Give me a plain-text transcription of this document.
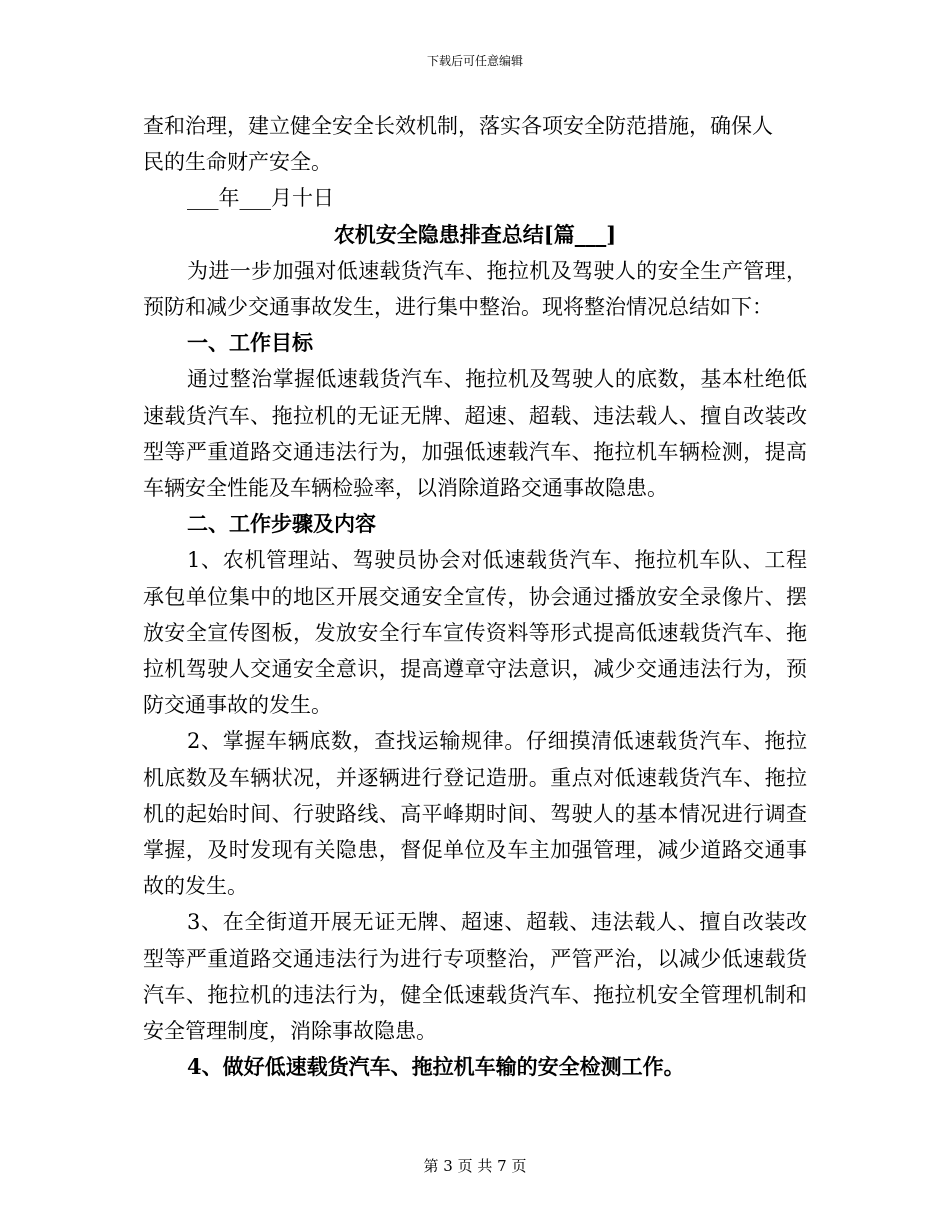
下载后可任意编辑

查和治理，建立健全安全长效机制，落实各项安全防范措施，确保人

民的生命财产安全。

___年___月十日

农机安全隐患排查总结[篇___]

为进一步加强对低速载货汽车、拖拉机及驾驶人的安全生产管理，预防和减少交通事故发生，进行集中整治。现将整治情况总结如下：

一、工作目标

通过整治掌握低速载货汽车、拖拉机及驾驶人的底数，基本杜绝低速载货汽车、拖拉机的无证无牌、超速、超载、违法载人、擅自改装改型等严重道路交通违法行为，加强低速载汽车、拖拉机车辆检测，提高车辆安全性能及车辆检验率，以消除道路交通事故隐患。

二、工作步骤及内容

1、农机管理站、驾驶员协会对低速载货汽车、拖拉机车队、工程承包单位集中的地区开展交通安全宣传，协会通过播放安全录像片、摆放安全宣传图板，发放安全行车宣传资料等形式提高低速载货汽车、拖拉机驾驶人交通安全意识，提高遵章守法意识，减少交通违法行为，预防交通事故的发生。

2、掌握车辆底数，查找运输规律。仔细摸清低速载货汽车、拖拉机底数及车辆状况，并逐辆进行登记造册。重点对低速载货汽车、拖拉机的起始时间、行驶路线、高平峰期时间、驾驶人的基本情况进行调查掌握，及时发现有关隐患，督促单位及车主加强管理，减少道路交通事故的发生。

3、在全街道开展无证无牌、超速、超载、违法载人、擅自改装改型等严重道路交通违法行为进行专项整治，严管严治，以减少低速载货汽车、拖拉机的违法行为，健全低速载货汽车、拖拉机安全管理机制和安全管理制度，消除事故隐患。

4、做好低速载货汽车、拖拉机车输的安全检测工作。

第 3 页 共 7 页
